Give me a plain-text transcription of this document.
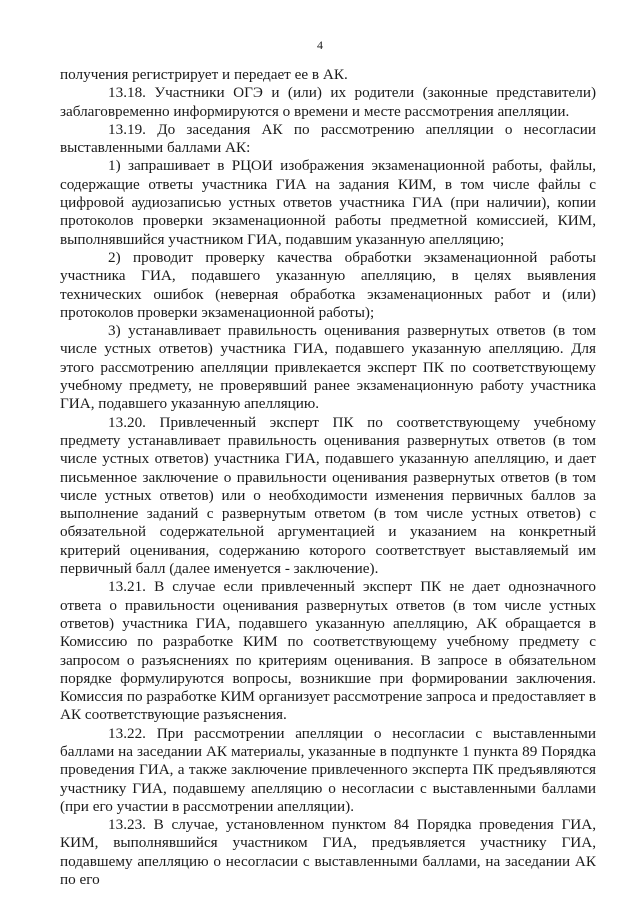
4

получения регистрирует и передает ее в АК.

13.18. Участники ОГЭ и (или) их родители (законные представители) заблаговременно информируются о времени и месте рассмотрения апелляции.

13.19. До заседания АК по рассмотрению апелляции о несогласии выставленными баллами АК:

1) запрашивает в РЦОИ изображения экзаменационной работы, файлы, содержащие ответы участника ГИА на задания КИМ, в том числе файлы с цифровой аудиозаписью устных ответов участника ГИА (при наличии), копии протоколов проверки экзаменационной работы предметной комиссией, КИМ, выполнявшийся участником ГИА, подавшим указанную апелляцию;

2) проводит проверку качества обработки экзаменационной работы участника ГИА, подавшего указанную апелляцию, в целях выявления технических ошибок (неверная обработка экзаменационных работ и (или) протоколов проверки экзаменационной работы);

3) устанавливает правильность оценивания развернутых ответов (в том числе устных ответов) участника ГИА, подавшего указанную апелляцию. Для этого рассмотрению апелляции привлекается эксперт ПК по соответствующему учебному предмету, не проверявший ранее экзаменационную работу участника ГИА, подавшего указанную апелляцию.

13.20. Привлеченный эксперт ПК по соответствующему учебному предмету устанавливает правильность оценивания развернутых ответов (в том числе устных ответов) участника ГИА, подавшего указанную апелляцию, и дает письменное заключение о правильности оценивания развернутых ответов (в том числе устных ответов) или о необходимости изменения первичных баллов за выполнение заданий с развернутым ответом (в том числе устных ответов) с обязательной содержательной аргументацией и указанием на конкретный критерий оценивания, содержанию которого соответствует выставляемый им первичный балл (далее именуется - заключение).

13.21. В случае если привлеченный эксперт ПК не дает однозначного ответа о правильности оценивания развернутых ответов (в том числе устных ответов) участника ГИА, подавшего указанную апелляцию, АК обращается в Комиссию по разработке КИМ по соответствующему учебному предмету с запросом о разъяснениях по критериям оценивания. В запросе в обязательном порядке формулируются вопросы, возникшие при формировании заключения. Комиссия по разработке КИМ организует рассмотрение запроса и предоставляет в АК соответствующие разъяснения.

13.22. При рассмотрении апелляции о несогласии с выставленными баллами на заседании АК материалы, указанные в подпункте 1 пункта 89 Порядка проведения ГИА, а также заключение привлеченного эксперта ПК предъявляются участнику ГИА, подавшему апелляцию о несогласии с выставленными баллами (при его участии в рассмотрении апелляции).

13.23. В случае, установленном пунктом 84 Порядка проведения ГИА, КИМ, выполнявшийся участником ГИА, предъявляется участнику ГИА, подавшему апелляцию о несогласии с выставленными баллами, на заседании АК по его
